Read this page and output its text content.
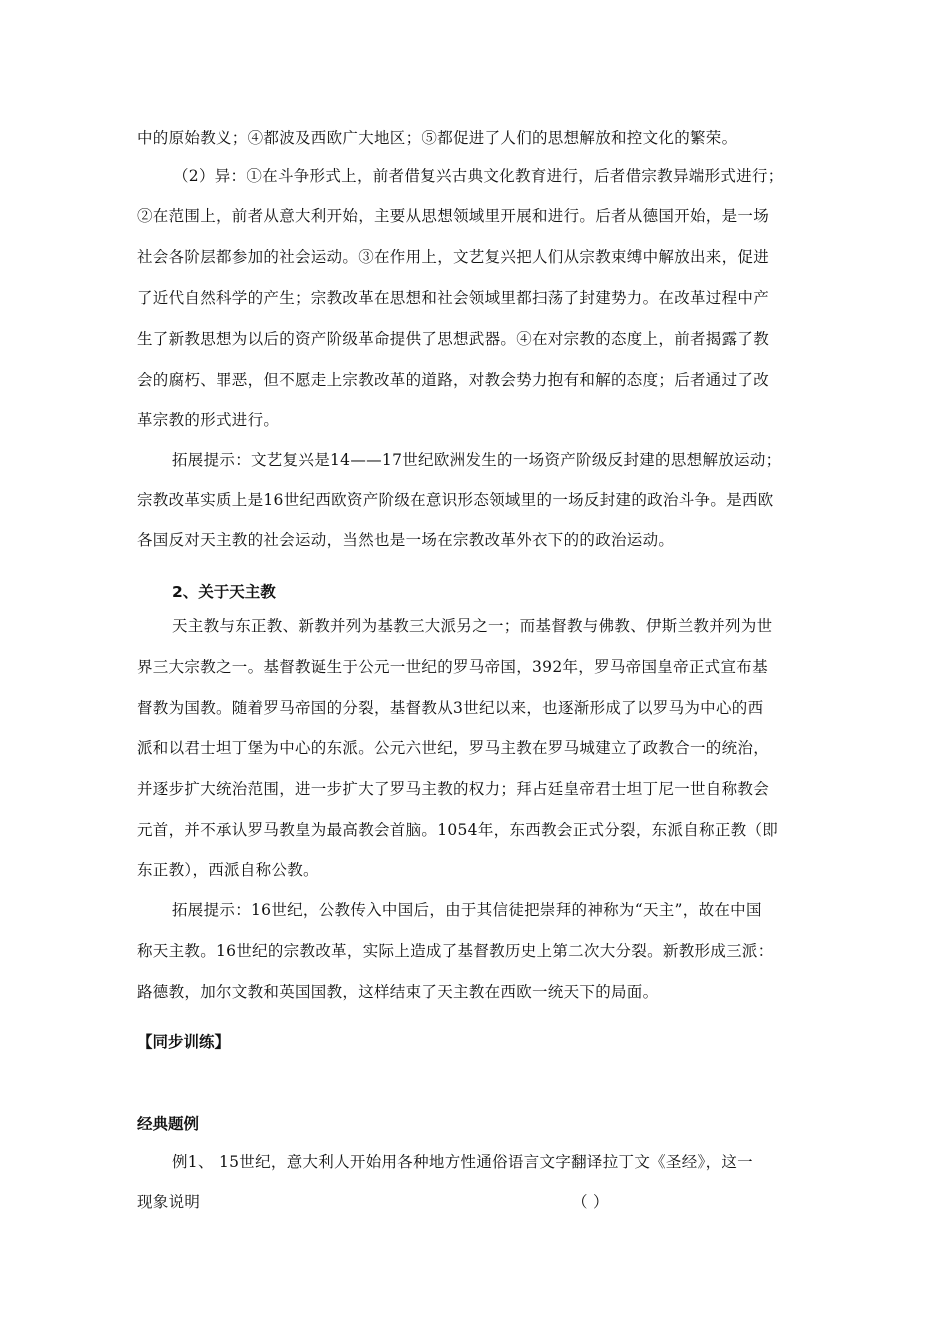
中的原始教义；④都波及西欧广大地区；⑤都促进了人们的思想解放和控文化的繁荣。
（2）异：①在斗争形式上，前者借复兴古典文化教育进行，后者借宗教异端形式进行；
②在范围上，前者从意大利开始，主要从思想领域里开展和进行。后者从德国开始，是一场
社会各阶层都参加的社会运动。③在作用上，文艺复兴把人们从宗教束缚中解放出来，促进
了近代自然科学的产生；宗教改革在思想和社会领域里都扫荡了封建势力。在改革过程中产
生了新教思想为以后的资产阶级革命提供了思想武器。④在对宗教的态度上，前者揭露了教
会的腐朽、罪恶，但不愿走上宗教改革的道路，对教会势力抱有和解的态度；后者通过了改
革宗教的形式进行。
拓展提示：文艺复兴是14——17世纪欧洲发生的一场资产阶级反封建的思想解放运动；
宗教改革实质上是16世纪西欧资产阶级在意识形态领域里的一场反封建的政治斗争。是西欧
各国反对天主教的社会运动，当然也是一场在宗教改革外衣下的的政治运动。
2、关于天主教
天主教与东正教、新教并列为基教三大派另之一；而基督教与佛教、伊斯兰教并列为世
界三大宗教之一。基督教诞生于公元一世纪的罗马帝国，392年，罗马帝国皇帝正式宣布基
督教为国教。随着罗马帝国的分裂，基督教从3世纪以来，也逐渐形成了以罗马为中心的西
派和以君士坦丁堡为中心的东派。公元六世纪，罗马主教在罗马城建立了政教合一的统治，
并逐步扩大统治范围，进一步扩大了罗马主教的权力；拜占廷皇帝君士坦丁尼一世自称教会
元首，并不承认罗马教皇为最高教会首脑。1054年，东西教会正式分裂，东派自称正教（即
东正教），西派自称公教。
拓展提示：16世纪，公教传入中国后，由于其信徒把崇拜的神称为“天主”，故在中国
称天主教。16世纪的宗教改革，实际上造成了基督教历史上第二次大分裂。新教形成三派：
路德教，加尔文教和英国国教，这样结束了天主教在西欧一统天下的局面。
【同步训练】
经典题例
例1、 15世纪，意大利人开始用各种地方性通俗语言文字翻译拉丁文《圣经》，这一
现象说明	（ ）
